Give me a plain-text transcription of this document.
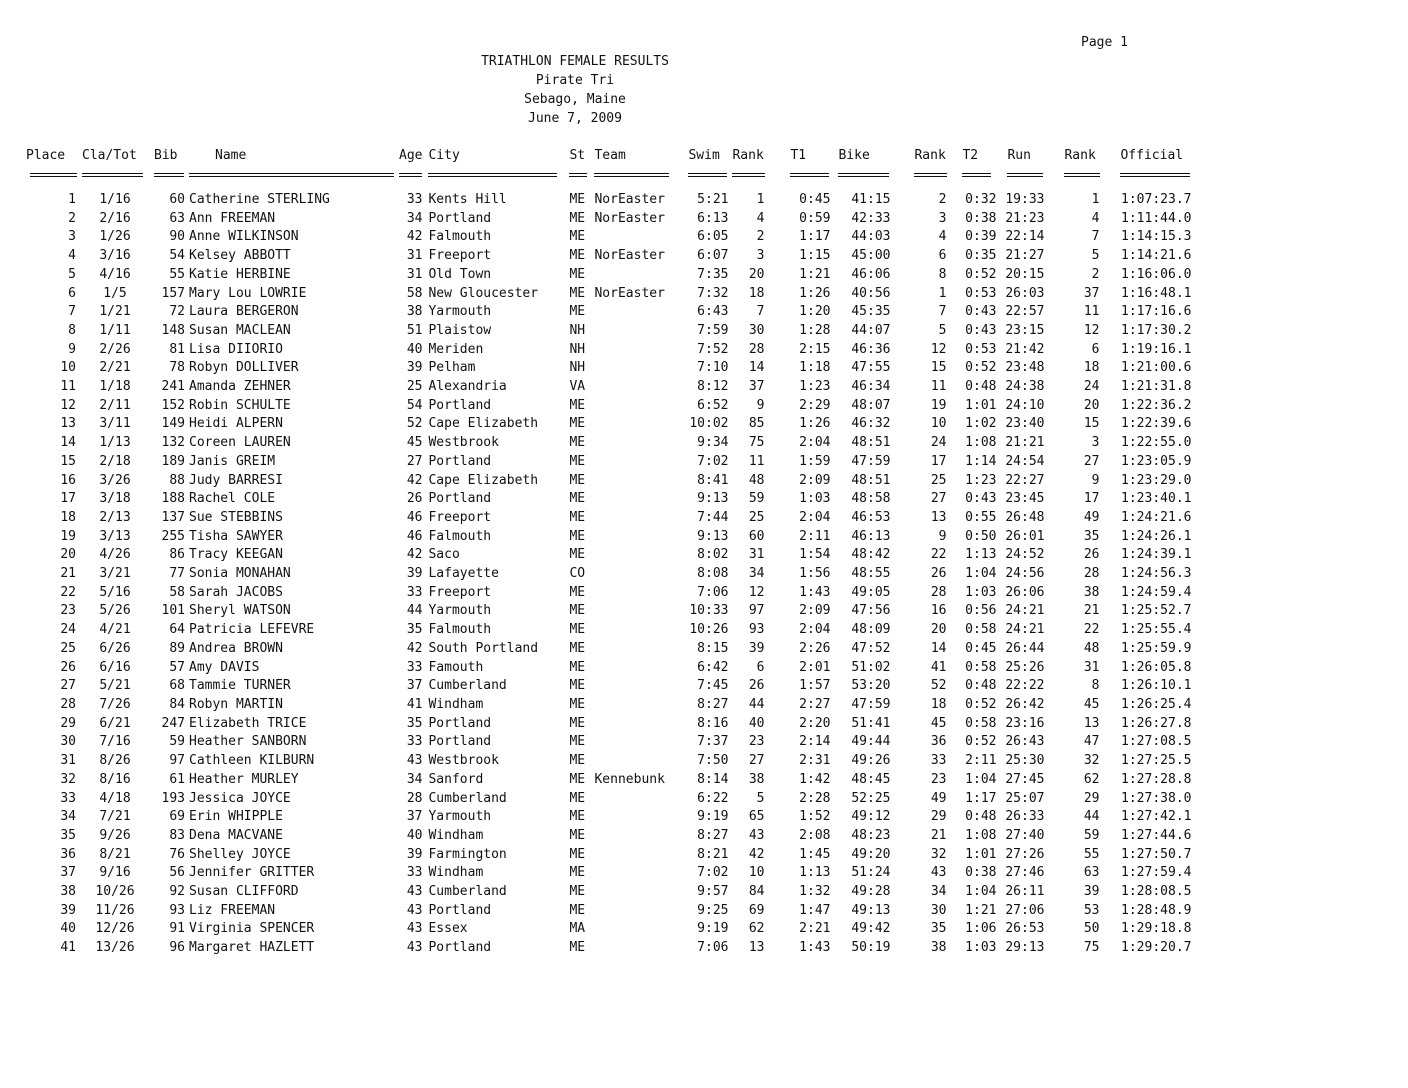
Page 1
TRIATHLON FEMALE RESULTS
Pirate Tri
Sebago, Maine
June 7, 2009
Place	Cla/Tot	Bib	Name	Age	City	St	Team	Swim	Rank	T1	Bike	Rank	T2	Run	Rank	Official

1	1/16	60	Catherine STERLING	33	Kents Hill	ME	NorEaster	5:21	1	0:45	41:15	2	0:32	19:33	1	1:07:23.7
2	2/16	63	Ann FREEMAN	34	Portland	ME	NorEaster	6:13	4	0:59	42:33	3	0:38	21:23	4	1:11:44.0
3	1/26	90	Anne WILKINSON	42	Falmouth	ME		6:05	2	1:17	44:03	4	0:39	22:14	7	1:14:15.3
4	3/16	54	Kelsey ABBOTT	31	Freeport	ME	NorEaster	6:07	3	1:15	45:00	6	0:35	21:27	5	1:14:21.6
5	4/16	55	Katie HERBINE	31	Old Town	ME		7:35	20	1:21	46:06	8	0:52	20:15	2	1:16:06.0
6	1/5	157	Mary Lou LOWRIE	58	New Gloucester	ME	NorEaster	7:32	18	1:26	40:56	1	0:53	26:03	37	1:16:48.1
7	1/21	72	Laura BERGERON	38	Yarmouth	ME		6:43	7	1:20	45:35	7	0:43	22:57	11	1:17:16.6
8	1/11	148	Susan MACLEAN	51	Plaistow	NH		7:59	30	1:28	44:07	5	0:43	23:15	12	1:17:30.2
9	2/26	81	Lisa DIIORIO	40	Meriden	NH		7:52	28	2:15	46:36	12	0:53	21:42	6	1:19:16.1
10	2/21	78	Robyn DOLLIVER	39	Pelham	NH		7:10	14	1:18	47:55	15	0:52	23:48	18	1:21:00.6
11	1/18	241	Amanda ZEHNER	25	Alexandria	VA		8:12	37	1:23	46:34	11	0:48	24:38	24	1:21:31.8
12	2/11	152	Robin SCHULTE	54	Portland	ME		6:52	9	2:29	48:07	19	1:01	24:10	20	1:22:36.2
13	3/11	149	Heidi ALPERN	52	Cape Elizabeth	ME		10:02	85	1:26	46:32	10	1:02	23:40	15	1:22:39.6
14	1/13	132	Coreen LAUREN	45	Westbrook	ME		9:34	75	2:04	48:51	24	1:08	21:21	3	1:22:55.0
15	2/18	189	Janis GREIM	27	Portland	ME		7:02	11	1:59	47:59	17	1:14	24:54	27	1:23:05.9
16	3/26	88	Judy BARRESI	42	Cape Elizabeth	ME		8:41	48	2:09	48:51	25	1:23	22:27	9	1:23:29.0
17	3/18	188	Rachel COLE	26	Portland	ME		9:13	59	1:03	48:58	27	0:43	23:45	17	1:23:40.1
18	2/13	137	Sue STEBBINS	46	Freeport	ME		7:44	25	2:04	46:53	13	0:55	26:48	49	1:24:21.6
19	3/13	255	Tisha SAWYER	46	Falmouth	ME		9:13	60	2:11	46:13	9	0:50	26:01	35	1:24:26.1
20	4/26	86	Tracy KEEGAN	42	Saco	ME		8:02	31	1:54	48:42	22	1:13	24:52	26	1:24:39.1
21	3/21	77	Sonia MONAHAN	39	Lafayette	CO		8:08	34	1:56	48:55	26	1:04	24:56	28	1:24:56.3
22	5/16	58	Sarah JACOBS	33	Freeport	ME		7:06	12	1:43	49:05	28	1:03	26:06	38	1:24:59.4
23	5/26	101	Sheryl WATSON	44	Yarmouth	ME		10:33	97	2:09	47:56	16	0:56	24:21	21	1:25:52.7
24	4/21	64	Patricia LEFEVRE	35	Falmouth	ME		10:26	93	2:04	48:09	20	0:58	24:21	22	1:25:55.4
25	6/26	89	Andrea BROWN	42	South Portland	ME		8:15	39	2:26	47:52	14	0:45	26:44	48	1:25:59.9
26	6/16	57	Amy DAVIS	33	Famouth	ME		6:42	6	2:01	51:02	41	0:58	25:26	31	1:26:05.8
27	5/21	68	Tammie TURNER	37	Cumberland	ME		7:45	26	1:57	53:20	52	0:48	22:22	8	1:26:10.1
28	7/26	84	Robyn MARTIN	41	Windham	ME		8:27	44	2:27	47:59	18	0:52	26:42	45	1:26:25.4
29	6/21	247	Elizabeth TRICE	35	Portland	ME		8:16	40	2:20	51:41	45	0:58	23:16	13	1:26:27.8
30	7/16	59	Heather SANBORN	33	Portland	ME		7:37	23	2:14	49:44	36	0:52	26:43	47	1:27:08.5
31	8/26	97	Cathleen KILBURN	43	Westbrook	ME		7:50	27	2:31	49:26	33	2:11	25:30	32	1:27:25.5
32	8/16	61	Heather MURLEY	34	Sanford	ME	Kennebunk	8:14	38	1:42	48:45	23	1:04	27:45	62	1:27:28.8
33	4/18	193	Jessica JOYCE	28	Cumberland	ME		6:22	5	2:28	52:25	49	1:17	25:07	29	1:27:38.0
34	7/21	69	Erin WHIPPLE	37	Yarmouth	ME		9:19	65	1:52	49:12	29	0:48	26:33	44	1:27:42.1
35	9/26	83	Dena MACVANE	40	Windham	ME		8:27	43	2:08	48:23	21	1:08	27:40	59	1:27:44.6
36	8/21	76	Shelley JOYCE	39	Farmington	ME		8:21	42	1:45	49:20	32	1:01	27:26	55	1:27:50.7
37	9/16	56	Jennifer GRITTER	33	Windham	ME		7:02	10	1:13	51:24	43	0:38	27:46	63	1:27:59.4
38	10/26	92	Susan CLIFFORD	43	Cumberland	ME		9:57	84	1:32	49:28	34	1:04	26:11	39	1:28:08.5
39	11/26	93	Liz FREEMAN	43	Portland	ME		9:25	69	1:47	49:13	30	1:21	27:06	53	1:28:48.9
40	12/26	91	Virginia SPENCER	43	Essex	MA		9:19	62	2:21	49:42	35	1:06	26:53	50	1:29:18.8
41	13/26	96	Margaret HAZLETT	43	Portland	ME		7:06	13	1:43	50:19	38	1:03	29:13	75	1:29:20.7
